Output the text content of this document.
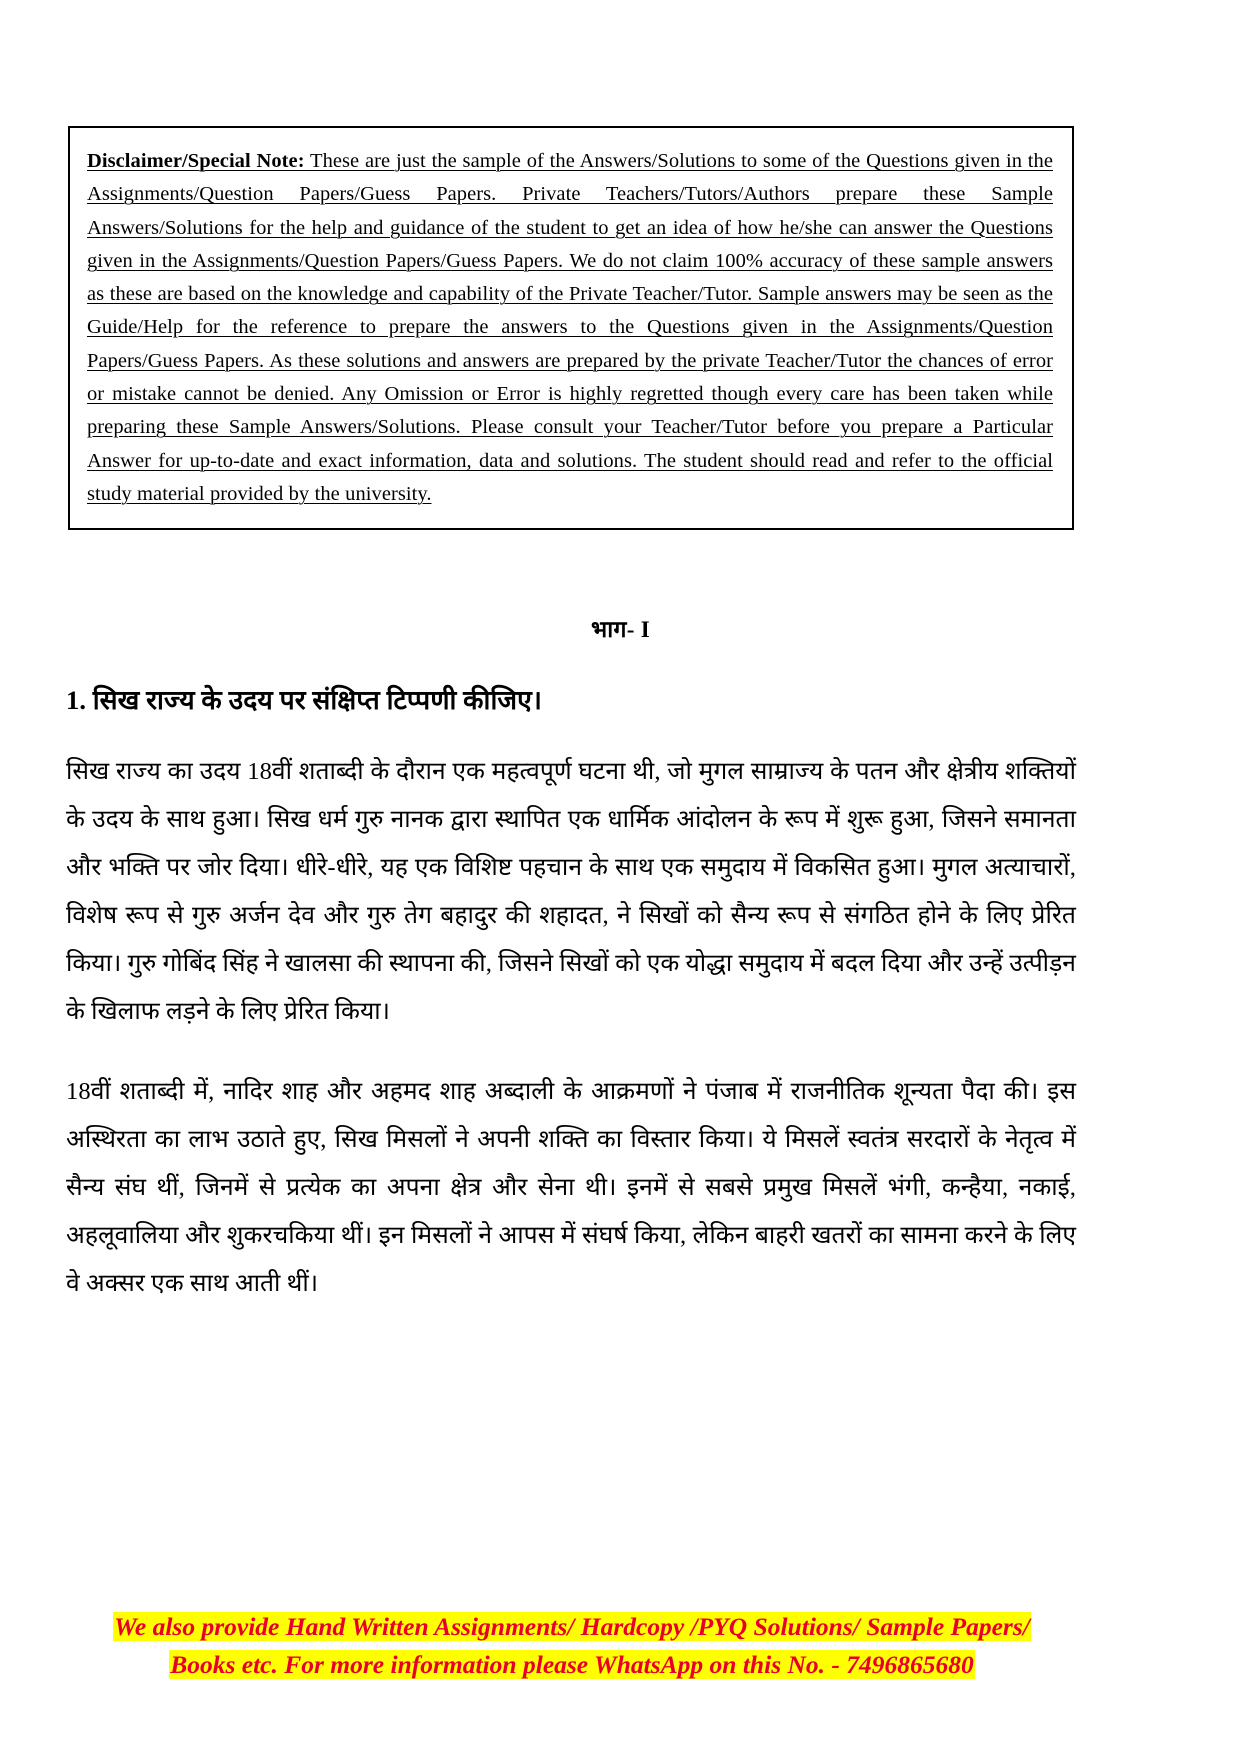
Disclaimer/Special Note: These are just the sample of the Answers/Solutions to some of the Questions given in the Assignments/Question Papers/Guess Papers. Private Teachers/Tutors/Authors prepare these Sample Answers/Solutions for the help and guidance of the student to get an idea of how he/she can answer the Questions given in the Assignments/Question Papers/Guess Papers. We do not claim 100% accuracy of these sample answers as these are based on the knowledge and capability of the Private Teacher/Tutor. Sample answers may be seen as the Guide/Help for the reference to prepare the answers to the Questions given in the Assignments/Question Papers/Guess Papers. As these solutions and answers are prepared by the private Teacher/Tutor the chances of error or mistake cannot be denied. Any Omission or Error is highly regretted though every care has been taken while preparing these Sample Answers/Solutions. Please consult your Teacher/Tutor before you prepare a Particular Answer for up-to-date and exact information, data and solutions. The student should read and refer to the official study material provided by the university.

भाग- I
1. सिख राज्य के उदय पर संक्षिप्त टिप्पणी कीजिए।

सिख राज्य का उदय 18वीं शताब्दी के दौरान एक महत्वपूर्ण घटना थी, जो मुगल साम्राज्य के पतन और क्षेत्रीय शक्तियों के उदय के साथ हुआ। सिख धर्म गुरु नानक द्वारा स्थापित एक धार्मिक आंदोलन के रूप में शुरू हुआ, जिसने समानता और भक्ति पर जोर दिया। धीरे-धीरे, यह एक विशिष्ट पहचान के साथ एक समुदाय में विकसित हुआ। मुगल अत्याचारों, विशेष रूप से गुरु अर्जन देव और गुरु तेग बहादुर की शहादत, ने सिखों को सैन्य रूप से संगठित होने के लिए प्रेरित किया। गुरु गोबिंद सिंह ने खालसा की स्थापना की, जिसने सिखों को एक योद्धा समुदाय में बदल दिया और उन्हें उत्पीड़न के खिलाफ लड़ने के लिए प्रेरित किया।

18वीं शताब्दी में, नादिर शाह और अहमद शाह अब्दाली के आक्रमणों ने पंजाब में राजनीतिक शून्यता पैदा की। इस अस्थिरता का लाभ उठाते हुए, सिख मिसलों ने अपनी शक्ति का विस्तार किया। ये मिसलें स्वतंत्र सरदारों के नेतृत्व में सैन्य संघ थीं, जिनमें से प्रत्येक का अपना क्षेत्र और सेना थी। इनमें से सबसे प्रमुख मिसलें भंगी, कन्हैया, नकाई, अहलूवालिया और शुकरचकिया थीं। इन मिसलों ने आपस में संघर्ष किया, लेकिन बाहरी खतरों का सामना करने के लिए वे अक्सर एक साथ आती थीं।

We also provide Hand Written Assignments/ Hardcopy /PYQ Solutions/ Sample Papers/
Books etc. For more information please WhatsApp on this No. - 7496865680
